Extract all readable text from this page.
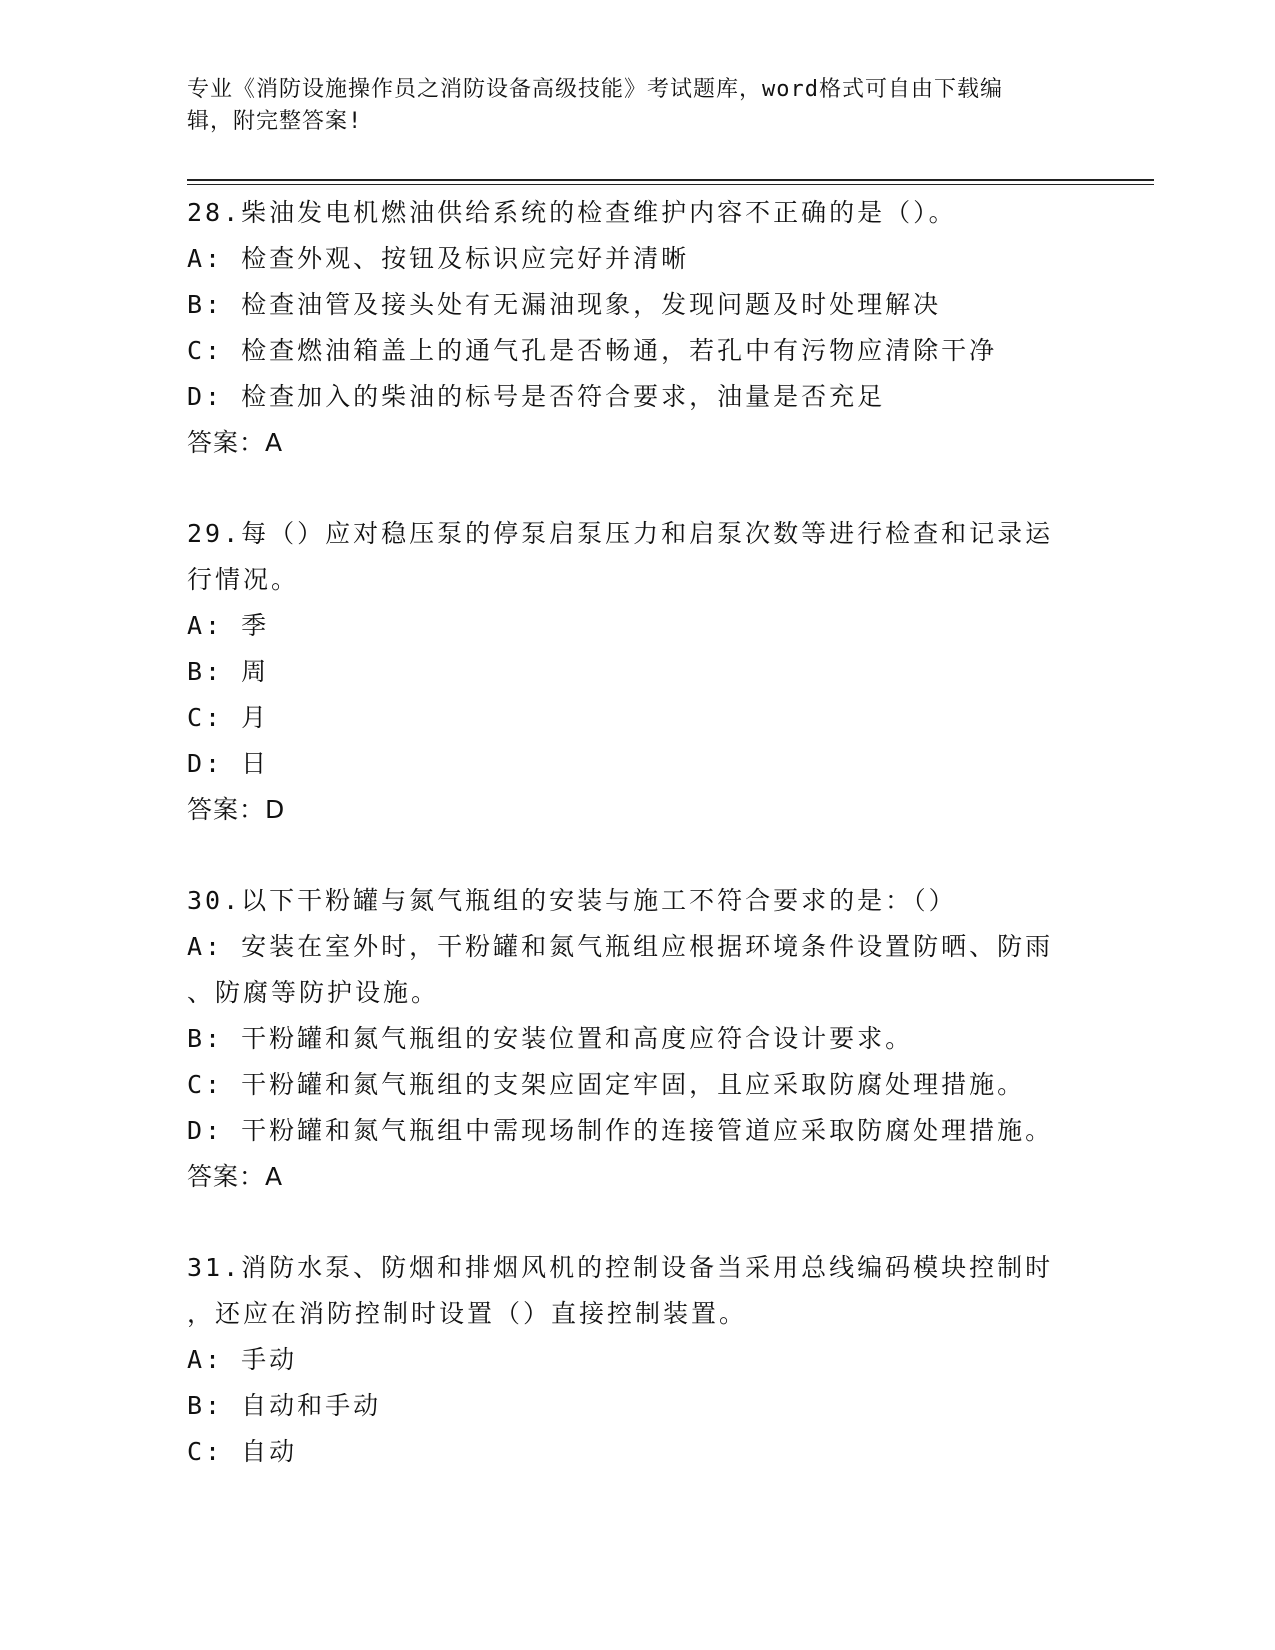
专业《消防设施操作员之消防设备高级技能》考试题库，word格式可自由下载编
辑，附完整答案!
28.柴油发电机燃油供给系统的检查维护内容不正确的是（）。
A: 检查外观、按钮及标识应完好并清晰
B: 检查油管及接头处有无漏油现象，发现问题及时处理解决
C: 检查燃油箱盖上的通气孔是否畅通，若孔中有污物应清除干净
D: 检查加入的柴油的标号是否符合要求，油量是否充足
答案：A
29.每（）应对稳压泵的停泵启泵压力和启泵次数等进行检查和记录运
行情况。
A: 季
B: 周
C: 月
D: 日
答案：D
30.以下干粉罐与氮气瓶组的安装与施工不符合要求的是：（）
A: 安装在室外时，干粉罐和氮气瓶组应根据环境条件设置防晒、防雨
、防腐等防护设施。
B: 干粉罐和氮气瓶组的安装位置和高度应符合设计要求。
C: 干粉罐和氮气瓶组的支架应固定牢固，且应采取防腐处理措施。
D: 干粉罐和氮气瓶组中需现场制作的连接管道应采取防腐处理措施。
答案：A
31.消防水泵、防烟和排烟风机的控制设备当采用总线编码模块控制时
，还应在消防控制时设置（）直接控制装置。
A: 手动
B: 自动和手动
C: 自动
